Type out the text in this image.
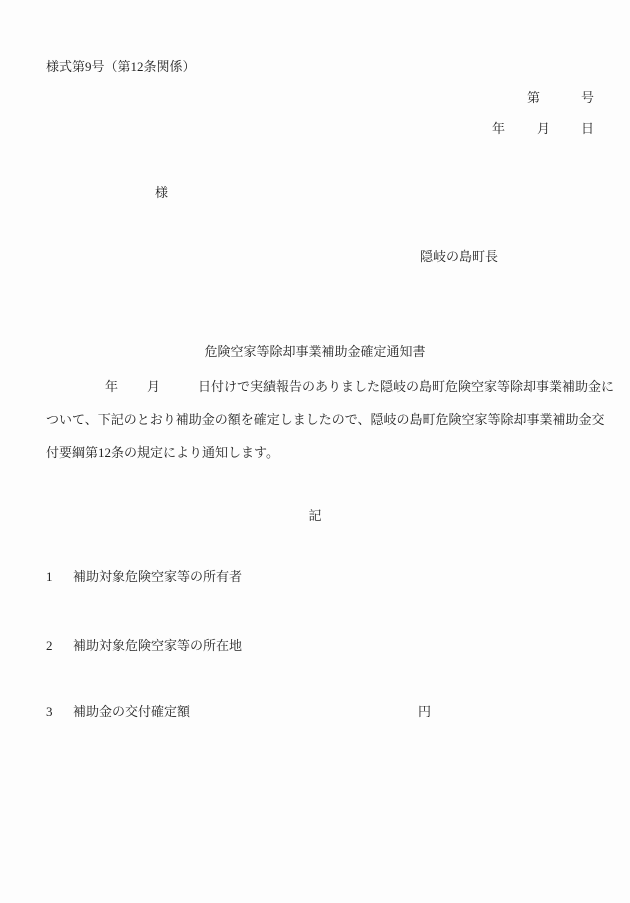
様式第9号（第12条関係）
第	号
年 月 日
様
隠岐の島町長
危険空家等除却事業補助金確定通知書
年 月	日付けで実績報告のありました隠岐の島町危険空家等除却事業補助金に
ついて、下記のとおり補助金の額を確定しましたので、隠岐の島町危険空家等除却事業補助金交
付要綱第12条の規定により通知します。
記
1 補助対象危険空家等の所有者
2 補助対象危険空家等の所在地
3 補助金の交付確定額	円
